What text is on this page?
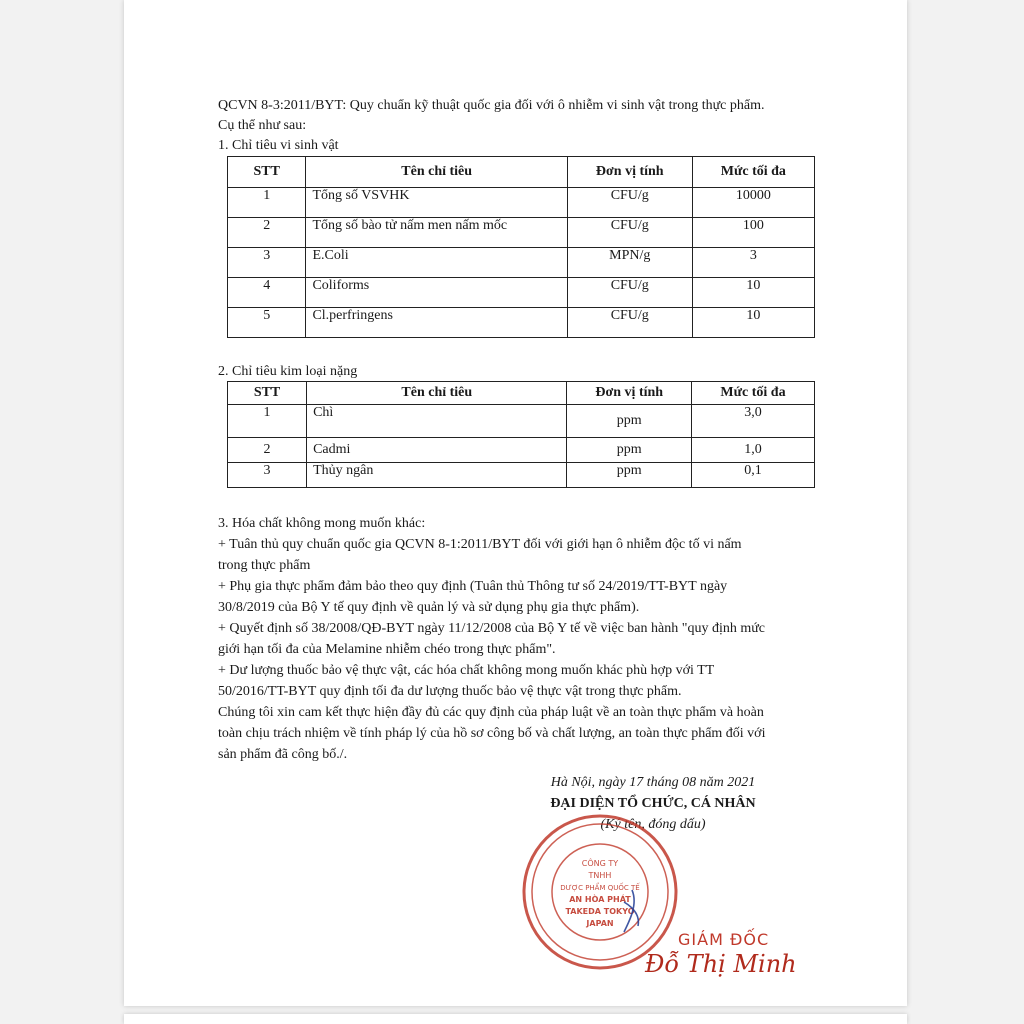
QCVN 8-3:2011/BYT: Quy chuẩn kỹ thuật quốc gia đối với ô nhiễm vi sinh vật trong thực phẩm.
Cụ thể như sau:
1. Chỉ tiêu vi sinh vật
STT	Tên chỉ tiêu	Đơn vị tính	Mức tối đa
1	Tổng số VSVHK	CFU/g	10000
2	Tổng số bào tử nấm men nấm mốc	CFU/g	100
3	E.Coli	MPN/g	3
4	Coliforms	CFU/g	10
5	Cl.perfringens	CFU/g	10
2. Chỉ tiêu kim loại nặng
STT	Tên chỉ tiêu	Đơn vị tính	Mức tối đa
1	Chì	ppm	3,0
2	Cadmi	ppm	1,0
3	Thủy ngân	ppm	0,1
3. Hóa chất không mong muốn khác:
+ Tuân thủ quy chuẩn quốc gia QCVN 8-1:2011/BYT đối với giới hạn ô nhiễm độc tố vi nấm
trong thực phẩm
+ Phụ gia thực phẩm đảm bảo theo quy định (Tuân thủ Thông tư số 24/2019/TT-BYT ngày
30/8/2019 của Bộ Y tế quy định về quản lý và sử dụng phụ gia thực phẩm).
+ Quyết định số 38/2008/QĐ-BYT ngày 11/12/2008 của Bộ Y tế về việc ban hành "quy định mức
giới hạn tối đa của Melamine nhiễm chéo trong thực phẩm".
+ Dư lượng thuốc bảo vệ thực vật, các hóa chất không mong muốn khác phù hợp với TT
50/2016/TT-BYT quy định tối đa dư lượng thuốc bảo vệ thực vật trong thực phẩm.
Chúng tôi xin cam kết thực hiện đầy đủ các quy định của pháp luật về an toàn thực phẩm và hoàn
toàn chịu trách nhiệm về tính pháp lý của hồ sơ công bố và chất lượng, an toàn thực phẩm đối với
sản phẩm đã công bố./.
Hà Nội, ngày 17 tháng 08 năm 2021
ĐẠI DIỆN TỔ CHỨC, CÁ NHÂN
(Ký tên, đóng dấu)
CÔNG TY
TNHH
DƯỢC PHẨM QUỐC TẾ
AN HÒA PHÁT
TAKEDA TOKYO
JAPAN
GIÁM ĐỐC
Đỗ Thị Minh
